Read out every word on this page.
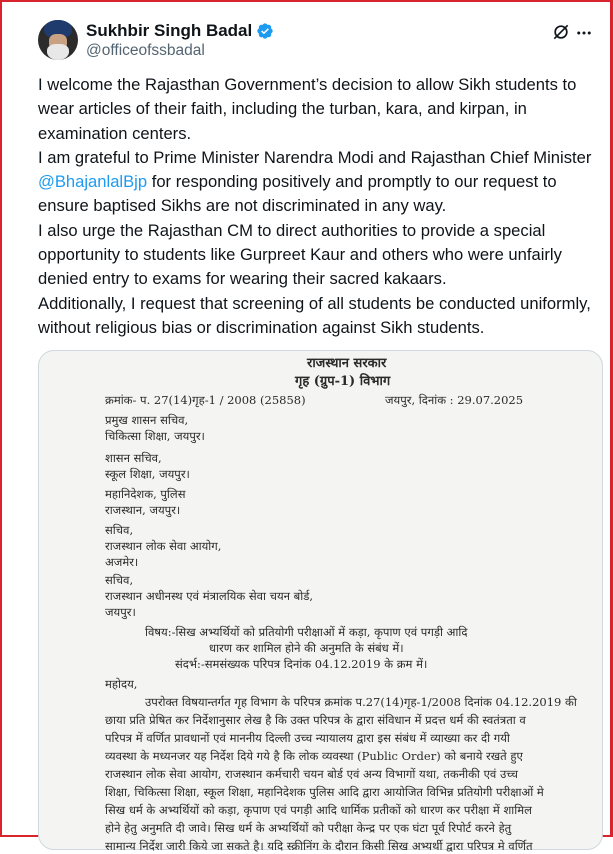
Sukhbir Singh Badal
@officeofssbadal

I welcome the Rajasthan Government’s decision to allow Sikh students to wear articles of their faith, including the turban, kara, and kirpan, in examination centers.

I am grateful to Prime Minister Narendra Modi and Rajasthan Chief Minister @BhajanlalBjp for responding positively and promptly to our request to ensure baptised Sikhs are not discriminated in any way.

I also urge the Rajasthan CM to direct authorities to provide a special opportunity to students like Gurpreet Kaur and others who were unfairly denied entry to exams for wearing their sacred kakaars.

Additionally, I request that screening of all students be conducted uniformly, without religious bias or discrimination against Sikh students.

राजस्थान सरकार
गृह (ग्रुप-1) विभाग
क्रमांक- प. 27(14)गृह-1 / 2008 (25858)	जयपुर, दिनांक : 29.07.2025
प्रमुख शासन सचिव,
चिकित्सा शिक्षा, जयपुर।
शासन सचिव,
स्कूल शिक्षा, जयपुर।
महानिदेशक, पुलिस
राजस्थान, जयपुर।
सचिव,
राजस्थान लोक सेवा आयोग,
अजमेर।
सचिव,
राजस्थान अधीनस्थ एवं मंत्रालयिक सेवा चयन बोर्ड,
जयपुर।
विषय:-सिख अभ्यर्थियों को प्रतियोगी परीक्षाओं में कड़ा, कृपाण एवं पगड़ी आदि
धारण कर शामिल होने की अनुमति के संबंध में।
संदर्भ:-समसंख्यक परिपत्र दिनांक 04.12.2019 के क्रम में।
महोदय,
उपरोक्त विषयान्तर्गत गृह विभाग के परिपत्र क्रमांक प.27(14)गृह-1/2008 दिनांक 04.12.2019 की
छाया प्रति प्रेषित कर निर्देशानुसार लेख है कि उक्त परिपत्र के द्वारा संविधान में प्रदत्त धर्म की स्वतंत्रता व
परिपत्र में वर्णित प्रावधानों एवं माननीय दिल्ली उच्च न्यायालय द्वारा इस संबंध में व्याख्या कर दी गयी
व्यवस्था के मध्यनजर यह निर्देश दिये गये है कि लोक व्यवस्था (Public Order) को बनाये रखते हुए
राजस्थान लोक सेवा आयोग, राजस्थान कर्मचारी चयन बोर्ड एवं अन्य विभागों यथा, तकनीकी एवं उच्च
शिक्षा, चिकित्सा शिक्षा, स्कूल शिक्षा, महानिदेशक पुलिस आदि द्वारा आयोजित विभिन्न प्रतियोगी परीक्षाओं मे
सिख धर्म के अभ्यर्थियों को कड़ा, कृपाण एवं पगड़ी आदि धार्मिक प्रतीकों को धारण कर परीक्षा में शामिल
होने हेतु अनुमति दी जावे। सिख धर्म के अभ्यर्थियों को परीक्षा केन्द्र पर एक घंटा पूर्व रिपोर्ट करने हेतु
सामान्य निर्देश जारी किये जा सकते है। यदि स्क्रीनिंग के दौरान किसी सिख अभ्यर्थी द्वारा परिपत्र मे वर्णित
